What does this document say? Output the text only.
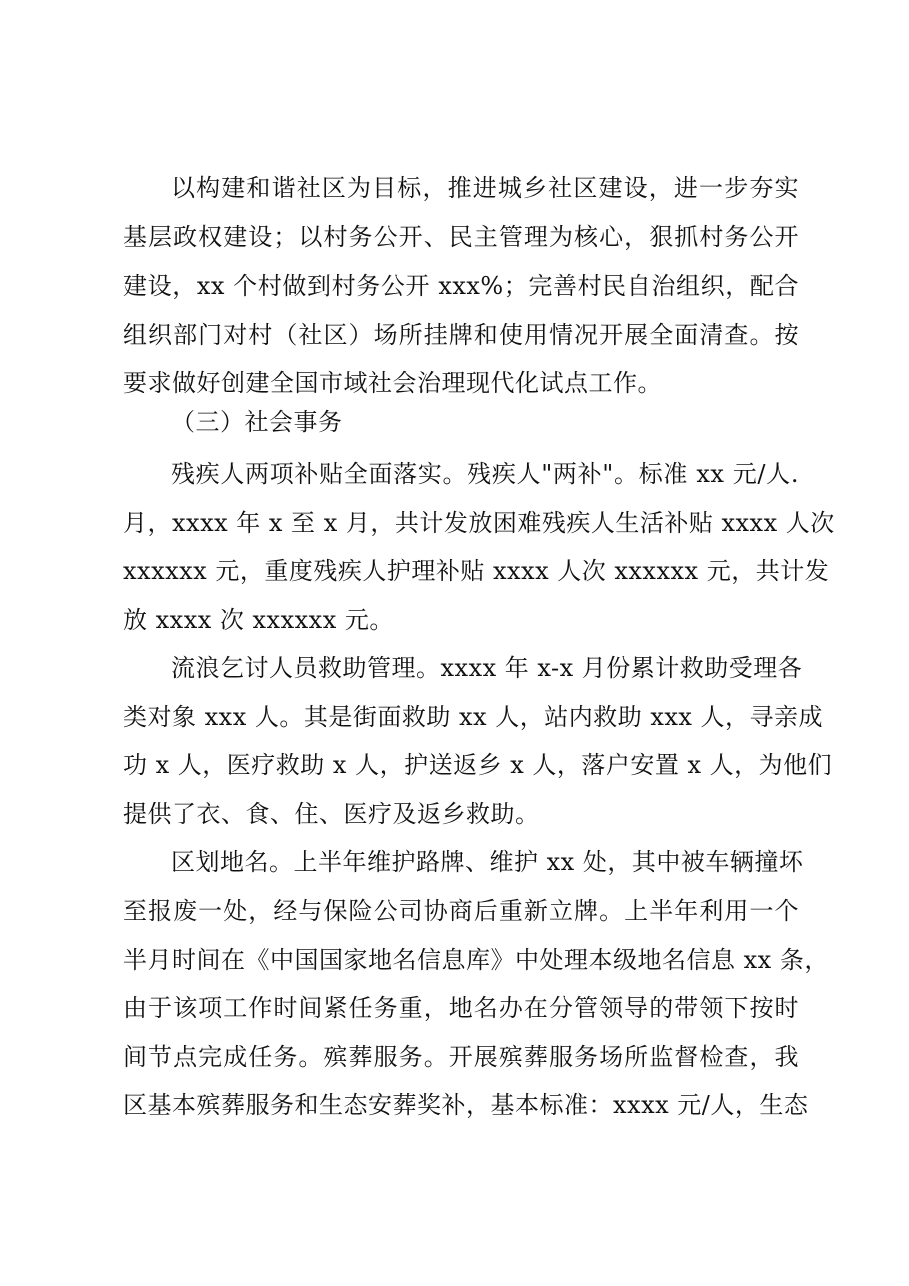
以构建和谐社区为目标，推进城乡社区建设，进一步夯实
基层政权建设；以村务公开、民主管理为核心，狠抓村务公开
建设，xx 个村做到村务公开 xxx%；完善村民自治组织，配合
组织部门对村（社区）场所挂牌和使用情况开展全面清查。按
要求做好创建全国市域社会治理现代化试点工作。
（三）社会事务
残疾人两项补贴全面落实。残疾人"两补"。标准 xx 元/人.
月，xxxx 年 x 至 x 月，共计发放困难残疾人生活补贴 xxxx 人次
xxxxxx 元，重度残疾人护理补贴 xxxx 人次 xxxxxx 元，共计发
放 xxxx 次 xxxxxx 元。
流浪乞讨人员救助管理。xxxx 年 x-x 月份累计救助受理各
类对象 xxx 人。其是街面救助 xx 人，站内救助 xxx 人，寻亲成
功 x 人，医疗救助 x 人，护送返乡 x 人，落户安置 x 人，为他们
提供了衣、食、住、医疗及返乡救助。
区划地名。上半年维护路牌、维护 xx 处，其中被车辆撞坏
至报废一处，经与保险公司协商后重新立牌。上半年利用一个
半月时间在《中国国家地名信息库》中处理本级地名信息 xx 条，
由于该项工作时间紧任务重，地名办在分管领导的带领下按时
间节点完成任务。殡葬服务。开展殡葬服务场所监督检查，我
区基本殡葬服务和生态安葬奖补，基本标准：xxxx 元/人，生态
